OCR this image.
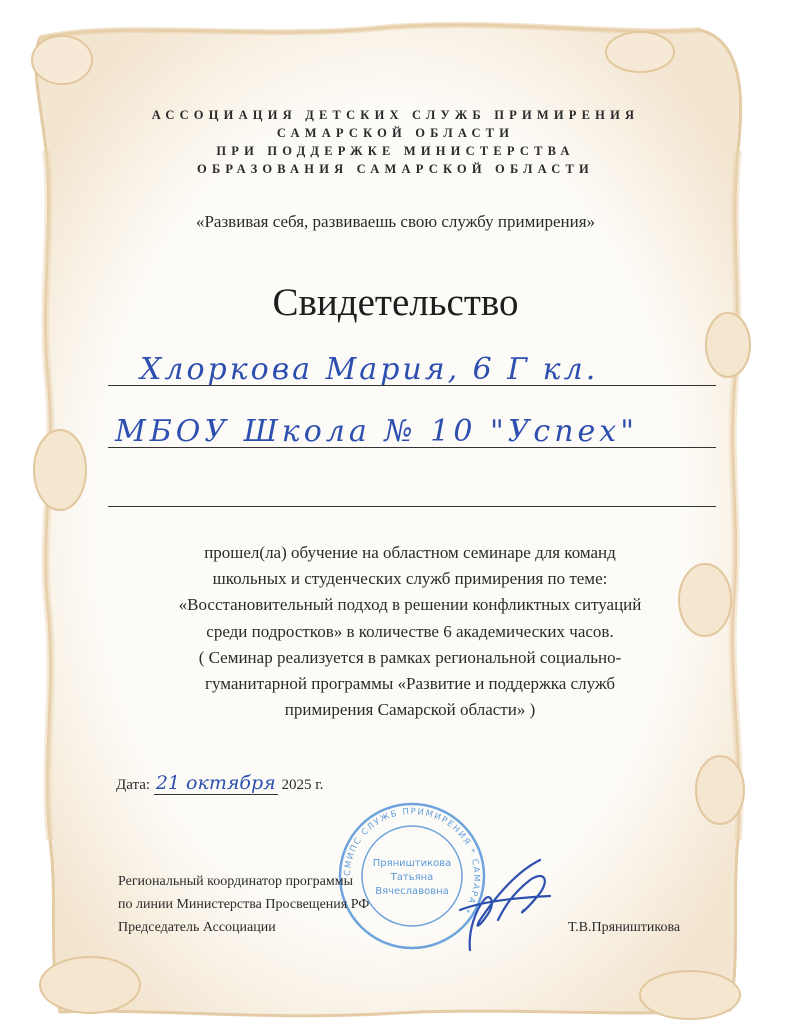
АССОЦИАЦИЯ ДЕТСКИХ СЛУЖБ ПРИМИРЕНИЯ
САМАРСКОЙ ОБЛАСТИ
ПРИ ПОДДЕРЖКЕ МИНИСТЕРСТВА
ОБРАЗОВАНИЯ САМАРСКОЙ ОБЛАСТИ
«Развивая себя, развиваешь свою службу примирения»
Свидетельство
Хлоркова Мария, 6 Г кл.
МБОУ Школа № 10 "Успех"
прошел(ла) обучение на областном семинаре для команд
школьных и студенческих служб примирения по теме:
«Восстановительный подход в решении конфликтных ситуаций
среди подростков» в количестве 6 академических часов.
( Семинар реализуется в рамках региональной социально-
гуманитарной программы «Развитие и поддержка служб
примирения Самарской области» )
Дата: 21 октября 2025 г.
СМИПС СЛУЖБ ПРИМИРЕНИЯ * САМАРА *
Пряништикова
Татьяна
Вячеславовна
Региональный координатор программы
по линии Министерства Просвещения РФ
Председатель Ассоциации	Т.В.Пряништикова
